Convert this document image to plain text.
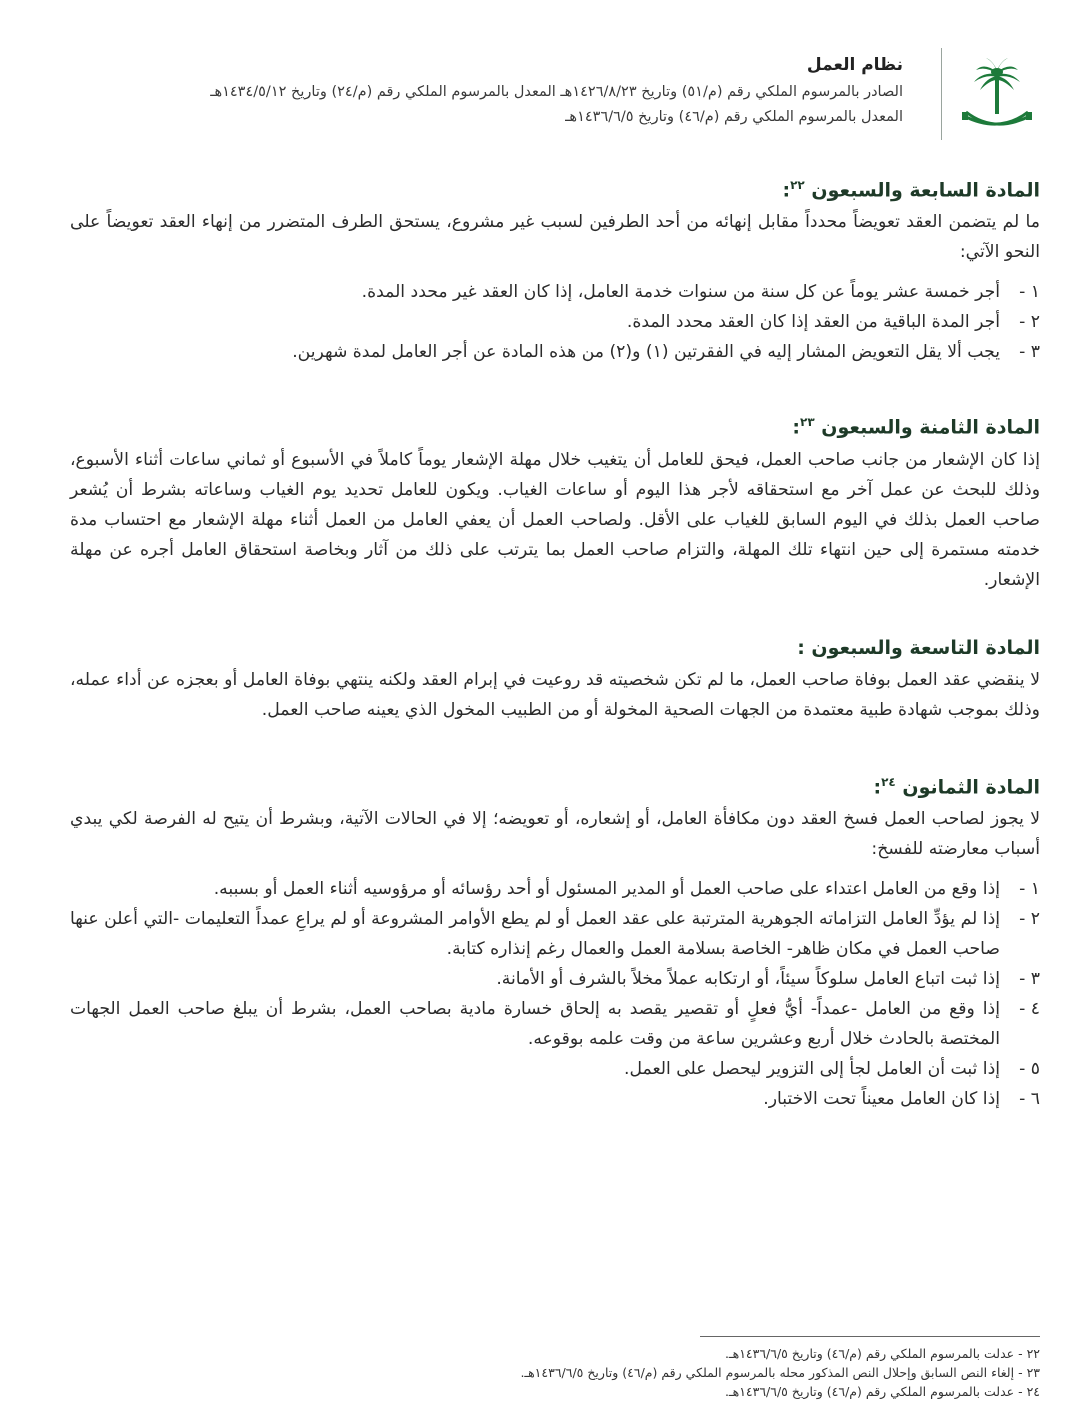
نظام العمل
الصادر بالمرسوم الملكي رقم (م/٥١) وتاريخ ١٤٢٦/٨/٢٣هـ المعدل بالمرسوم الملكي رقم (م/٢٤) وتاريخ ١٤٣٤/٥/١٢هـ
المعدل بالمرسوم الملكي رقم (م/٤٦) وتاريخ ١٤٣٦/٦/٥هـ
المادة السابعة والسبعون $^{٢٢}$:
ما لم يتضمن العقد تعويضاً محدداً مقابل إنهائه من أحد الطرفين لسبب غير مشروع، يستحق الطرف المتضرر من إنهاء العقد تعويضاً على النحو الآتي:
١ -
أجر خمسة عشر يوماً عن كل سنة من سنوات خدمة العامل، إذا كان العقد غير محدد المدة.
٢ -
أجر المدة الباقية من العقد إذا كان العقد محدد المدة.
٣ -
يجب ألا يقل التعويض المشار إليه في الفقرتين (١) و(٢) من هذه المادة عن أجر العامل لمدة شهرين.
المادة الثامنة والسبعون $^{٢٣}$:
إذا كان الإشعار من جانب صاحب العمل، فيحق للعامل أن يتغيب خلال مهلة الإشعار يوماً كاملاً في الأسبوع أو ثماني ساعات أثناء الأسبوع، وذلك للبحث عن عمل آخر مع استحقاقه لأجر هذا اليوم أو ساعات الغياب. ويكون للعامل تحديد يوم الغياب وساعاته بشرط أن يُشعر صاحب العمل بذلك في اليوم السابق للغياب على الأقل. ولصاحب العمل أن يعفي العامل من العمل أثناء مهلة الإشعار مع احتساب مدة خدمته مستمرة إلى حين انتهاء تلك المهلة، والتزام صاحب العمل بما يترتب على ذلك من آثار وبخاصة استحقاق العامل أجره عن مهلة الإشعار.
المادة التاسعة والسبعون :
لا ينقضي عقد العمل بوفاة صاحب العمل، ما لم تكن شخصيته قد روعيت في إبرام العقد ولكنه ينتهي بوفاة العامل أو بعجزه عن أداء عمله، وذلك بموجب شهادة طبية معتمدة من الجهات الصحية المخولة أو من الطبيب المخول الذي يعينه صاحب العمل.
المادة الثمانون $^{٢٤}$:
لا يجوز لصاحب العمل فسخ العقد دون مكافأة العامل، أو إشعاره، أو تعويضه؛ إلا في الحالات الآتية، وبشرط أن يتيح له الفرصة لكي يبدي أسباب معارضته للفسخ:
١ -
إذا وقع من العامل اعتداء على صاحب العمل أو المدير المسئول أو أحد رؤسائه أو مرؤوسيه أثناء العمل أو بسببه.
٢ -
إذا لم يؤدِّ العامل التزاماته الجوهرية المترتبة على عقد العمل أو لم يطع الأوامر المشروعة أو لم يراعِ عمداً التعليمات -التي أعلن عنها صاحب العمل في مكان ظاهر- الخاصة بسلامة العمل والعمال رغم إنذاره كتابة.
٣ -
إذا ثبت اتباع العامل سلوكاً سيئاً، أو ارتكابه عملاً مخلاً بالشرف أو الأمانة.
٤ -
إذا وقع من العامل -عمداً- أيُّ فعلٍ أو تقصير يقصد به إلحاق خسارة مادية بصاحب العمل، بشرط أن يبلغ صاحب العمل الجهات المختصة بالحادث خلال أربع وعشرين ساعة من وقت علمه بوقوعه.
٥ -
إذا ثبت أن العامل لجأ إلى التزوير ليحصل على العمل.
٦ -
إذا كان العامل معيناً تحت الاختبار.
٢٢ - عدلت بالمرسوم الملكي رقم (م/٤٦) وتاريخ ١٤٣٦/٦/٥هـ.
٢٣ - إلغاء النص السابق وإحلال النص المذكور محله بالمرسوم الملكي رقم (م/٤٦) وتاريخ ١٤٣٦/٦/٥هـ.
٢٤ - عدلت بالمرسوم الملكي رقم (م/٤٦) وتاريخ ١٤٣٦/٦/٥هـ.
